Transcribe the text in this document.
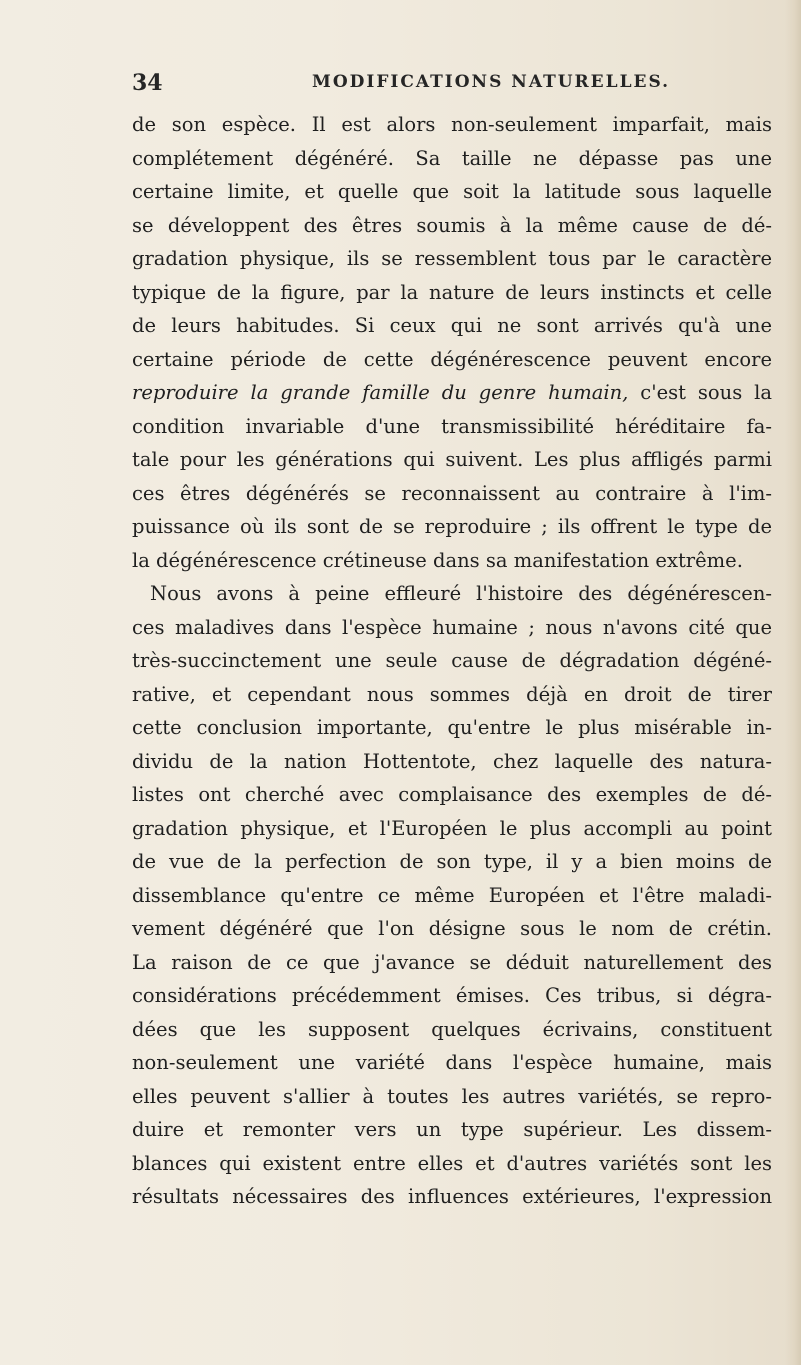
34	MODIFICATIONS NATURELLES.
de son espèce. Il est alors non-seulement imparfait, mais
complétement dégénéré. Sa taille ne dépasse pas une
certaine limite, et quelle que soit la latitude sous laquelle
se développent des êtres soumis à la même cause de dé-
gradation physique, ils se ressemblent tous par le caractère
typique de la figure, par la nature de leurs instincts et celle
de leurs habitudes. Si ceux qui ne sont arrivés qu'à une
certaine période de cette dégénérescence peuvent encore
reproduire la grande famille du genre humain, c'est sous la
condition invariable d'une transmissibilité héréditaire fa-
tale pour les générations qui suivent. Les plus affligés parmi
ces êtres dégénérés se reconnaissent au contraire à l'im-
puissance où ils sont de se reproduire ; ils offrent le type de
la dégénérescence crétineuse dans sa manifestation extrême.
Nous avons à peine effleuré l'histoire des dégénérescen-
ces maladives dans l'espèce humaine ; nous n'avons cité que
très-succinctement une seule cause de dégradation dégéné-
rative, et cependant nous sommes déjà en droit de tirer
cette conclusion importante, qu'entre le plus misérable in-
dividu de la nation Hottentote, chez laquelle des natura-
listes ont cherché avec complaisance des exemples de dé-
gradation physique, et l'Européen le plus accompli au point
de vue de la perfection de son type, il y a bien moins de
dissemblance qu'entre ce même Européen et l'être maladi-
vement dégénéré que l'on désigne sous le nom de crétin.
La raison de ce que j'avance se déduit naturellement des
considérations précédemment émises. Ces tribus, si dégra-
dées que les supposent quelques écrivains, constituent
non-seulement une variété dans l'espèce humaine, mais
elles peuvent s'allier à toutes les autres variétés, se repro-
duire et remonter vers un type supérieur. Les dissem-
blances qui existent entre elles et d'autres variétés sont les
résultats nécessaires des influences extérieures, l'expression
